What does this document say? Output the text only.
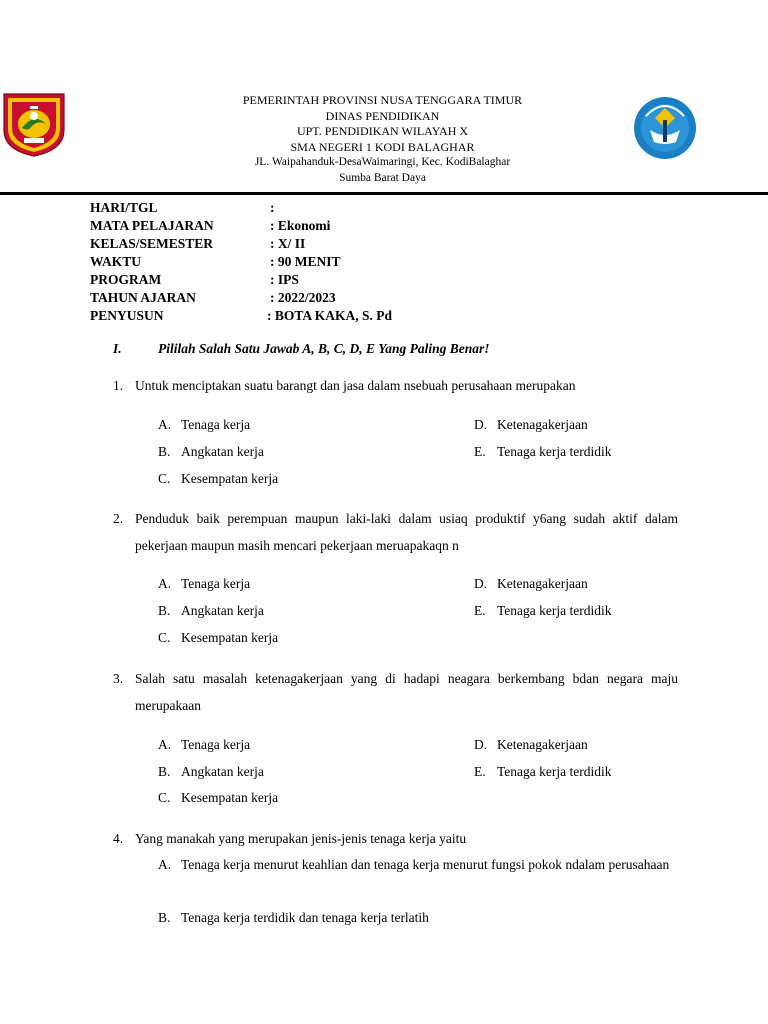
PEMERINTAH PROVINSI NUSA TENGGARA TIMUR
DINAS PENDIDIKAN
UPT. PENDIDIKAN WILAYAH X
SMA NEGERI 1 KODI BALAGHAR
JL. Waipahanduk-DesaWaimaringi, Kec. KodiBalaghar
Sumba Barat Daya
HARI/TGL	:
MATA PELAJARAN	: Ekonomi
KELAS/SEMESTER	: X/ II
WAKTU	: 90 MENIT
PROGRAM	: IPS
TAHUN AJARAN	: 2022/2023
PENYUSUN	: BOTA KAKA, S. Pd
I.	Pililah Salah Satu Jawab A, B, C, D, E Yang Paling Benar!
1. Untuk menciptakan suatu barangt dan jasa dalam nsebuah perusahaan merupakan
A. Tenaga kerja
B. Angkatan kerja
C. Kesempatan kerja
D. Ketenagakerjaan
E. Tenaga kerja terdidik
2. Penduduk baik perempuan maupun laki-laki dalam usiaq produktif y6ang sudah aktif dalam pekerjaan maupun masih mencari pekerjaan meruapakaqn n
A. Tenaga kerja
B. Angkatan kerja
C. Kesempatan kerja
D. Ketenagakerjaan
E. Tenaga kerja terdidik
3. Salah satu masalah ketenagakerjaan yang di hadapi neagara berkembang bdan negara maju merupakaan
A. Tenaga kerja
B. Angkatan kerja
C. Kesempatan kerja
D. Ketenagakerjaan
E. Tenaga kerja terdidik
4. Yang manakah yang merupakan jenis-jenis tenaga kerja yaitu
A. Tenaga kerja menurut keahlian dan tenaga kerja menurut fungsi pokok ndalam perusahaan
B. Tenaga kerja terdidik dan tenaga kerja terlatih
